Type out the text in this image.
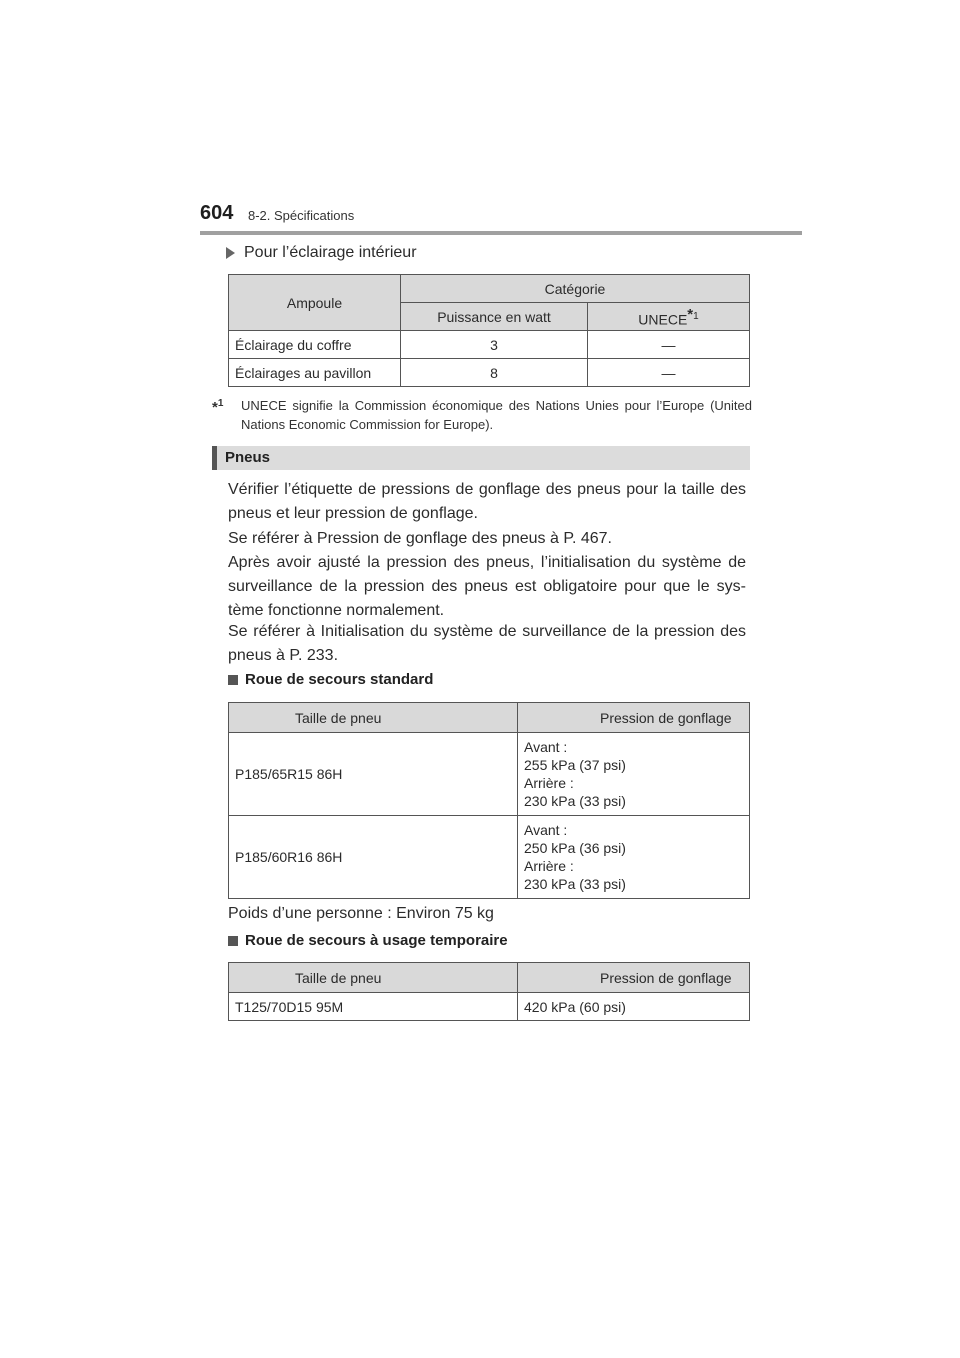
604 8-2. Spécifications
Pour l’éclairage intérieur
Ampoule	Catégorie	
	Puissance en watt	UNECE$^{*1}$
Éclairage du coffre	3	—
Éclairages au pavillon	8	—
*$^1$ UNECE signifie la Commission économique des Nations Unies pour l’Europe (United Nations Economic Commission for Europe).
Pneus
Vérifier l’étiquette de pressions de gonflage des pneus pour la taille des pneus et leur pression de gonflage.
Se référer à Pression de gonflage des pneus à P. 467.
Après avoir ajusté la pression des pneus, l’initialisation du système de surveillance de la pression des pneus est obligatoire pour que le sys-tème fonctionne normalement.
Se référer à Initialisation du système de surveillance de la pression des pneus à P. 233.
Roue de secours standard
Taille de pneu	Pression de gonflage
P185/65R15 86H	Avant :
255 kPa (37 psi)
Arrière :
230 kPa (33 psi)

P185/60R16 86H	Avant :
250 kPa (36 psi)
Arrière :
230 kPa (33 psi)
Poids d’une personne : Environ 75 kg
Roue de secours à usage temporaire
Taille de pneu	Pression de gonflage
T125/70D15 95M	420 kPa (60 psi)
